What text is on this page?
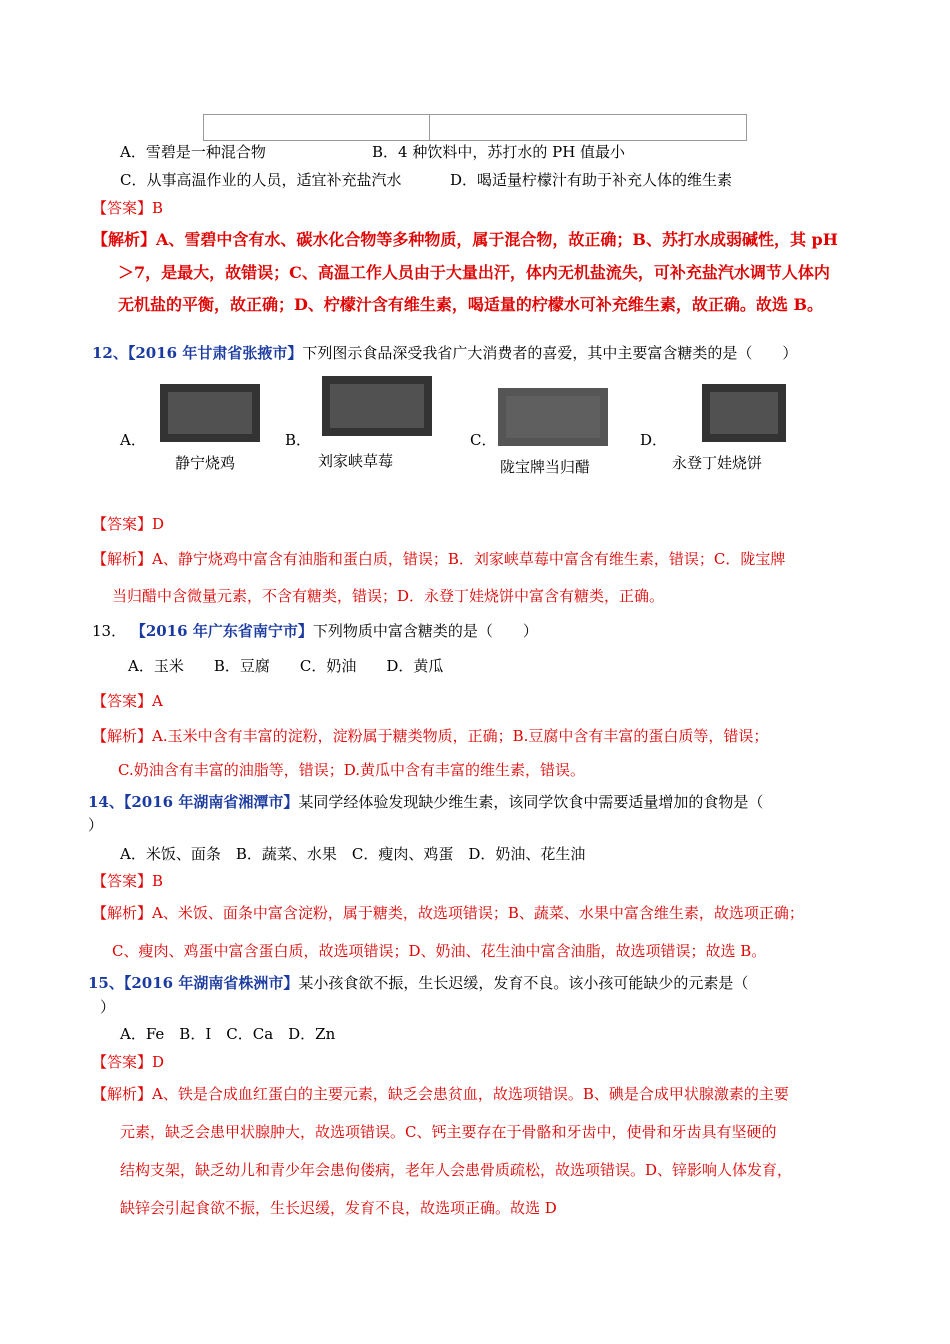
A．雪碧是一种混合物	B．4 种饮料中，苏打水的 PH 值最小
C．从事高温作业的人员，适宜补充盐汽水	D．喝适量柠檬汁有助于补充人体的维生素
【答案】B
【解析】A、雪碧中含有水、碳水化合物等多种物质，属于混合物，故正确；B、苏打水成弱碱性，其 pH
＞7，是最大，故错误；C、高温工作人员由于大量出汗，体内无机盐流失，可补充盐汽水调节人体内
无机盐的平衡，故正确；D、柠檬汁含有维生素，喝适量的柠檬水可补充维生素，故正确。故选 B。
12、【2016 年甘肃省张掖市】下列图示食品深受我省广大消费者的喜爱，其中主要富含糖类的是（　　）
A．
静宁烧鸡
B．
刘家峡草莓
C．
陇宝牌当归醋
D．
永登丁娃烧饼
【答案】D
【解析】A、静宁烧鸡中富含有油脂和蛋白质，错误；B．刘家峡草莓中富含有维生素，错误；C．陇宝牌
当归醋中含微量元素，不含有糖类，错误；D．永登丁娃烧饼中富含有糖类，正确。
13． 【2016 年广东省南宁市】下列物质中富含糖类的是（　　）
A．玉米　　B．豆腐　　C．奶油　　D．黄瓜
【答案】A
【解析】A.玉米中含有丰富的淀粉，淀粉属于糖类物质，正确；B.豆腐中含有丰富的蛋白质等，错误；
C.奶油含有丰富的油脂等，错误；D.黄瓜中含有丰富的维生素，错误。
14、【2016 年湖南省湘潭市】某同学经体验发现缺少维生素，该同学饮食中需要适量增加的食物是（
）
A．米饭、面条　B．蔬菜、水果　C．瘦肉、鸡蛋　D．奶油、花生油
【答案】B
【解析】A、米饭、面条中富含淀粉，属于糖类，故选项错误；B、蔬菜、水果中富含维生素，故选项正确；
C、瘦肉、鸡蛋中富含蛋白质，故选项错误；D、奶油、花生油中富含油脂，故选项错误；故选 B。
15、【2016 年湖南省株洲市】某小孩食欲不振，生长迟缓，发育不良。该小孩可能缺少的元素是（
）
A．Fe　B．I　C．Ca　D．Zn
【答案】D
【解析】A、铁是合成血红蛋白的主要元素，缺乏会患贫血，故选项错误。B、碘是合成甲状腺激素的主要
元素，缺乏会患甲状腺肿大，故选项错误。C、钙主要存在于骨骼和牙齿中，使骨和牙齿具有坚硬的
结构支架，缺乏幼儿和青少年会患佝偻病，老年人会患骨质疏松，故选项错误。D、锌影响人体发育，
缺锌会引起食欲不振，生长迟缓，发育不良，故选项正确。故选 D
